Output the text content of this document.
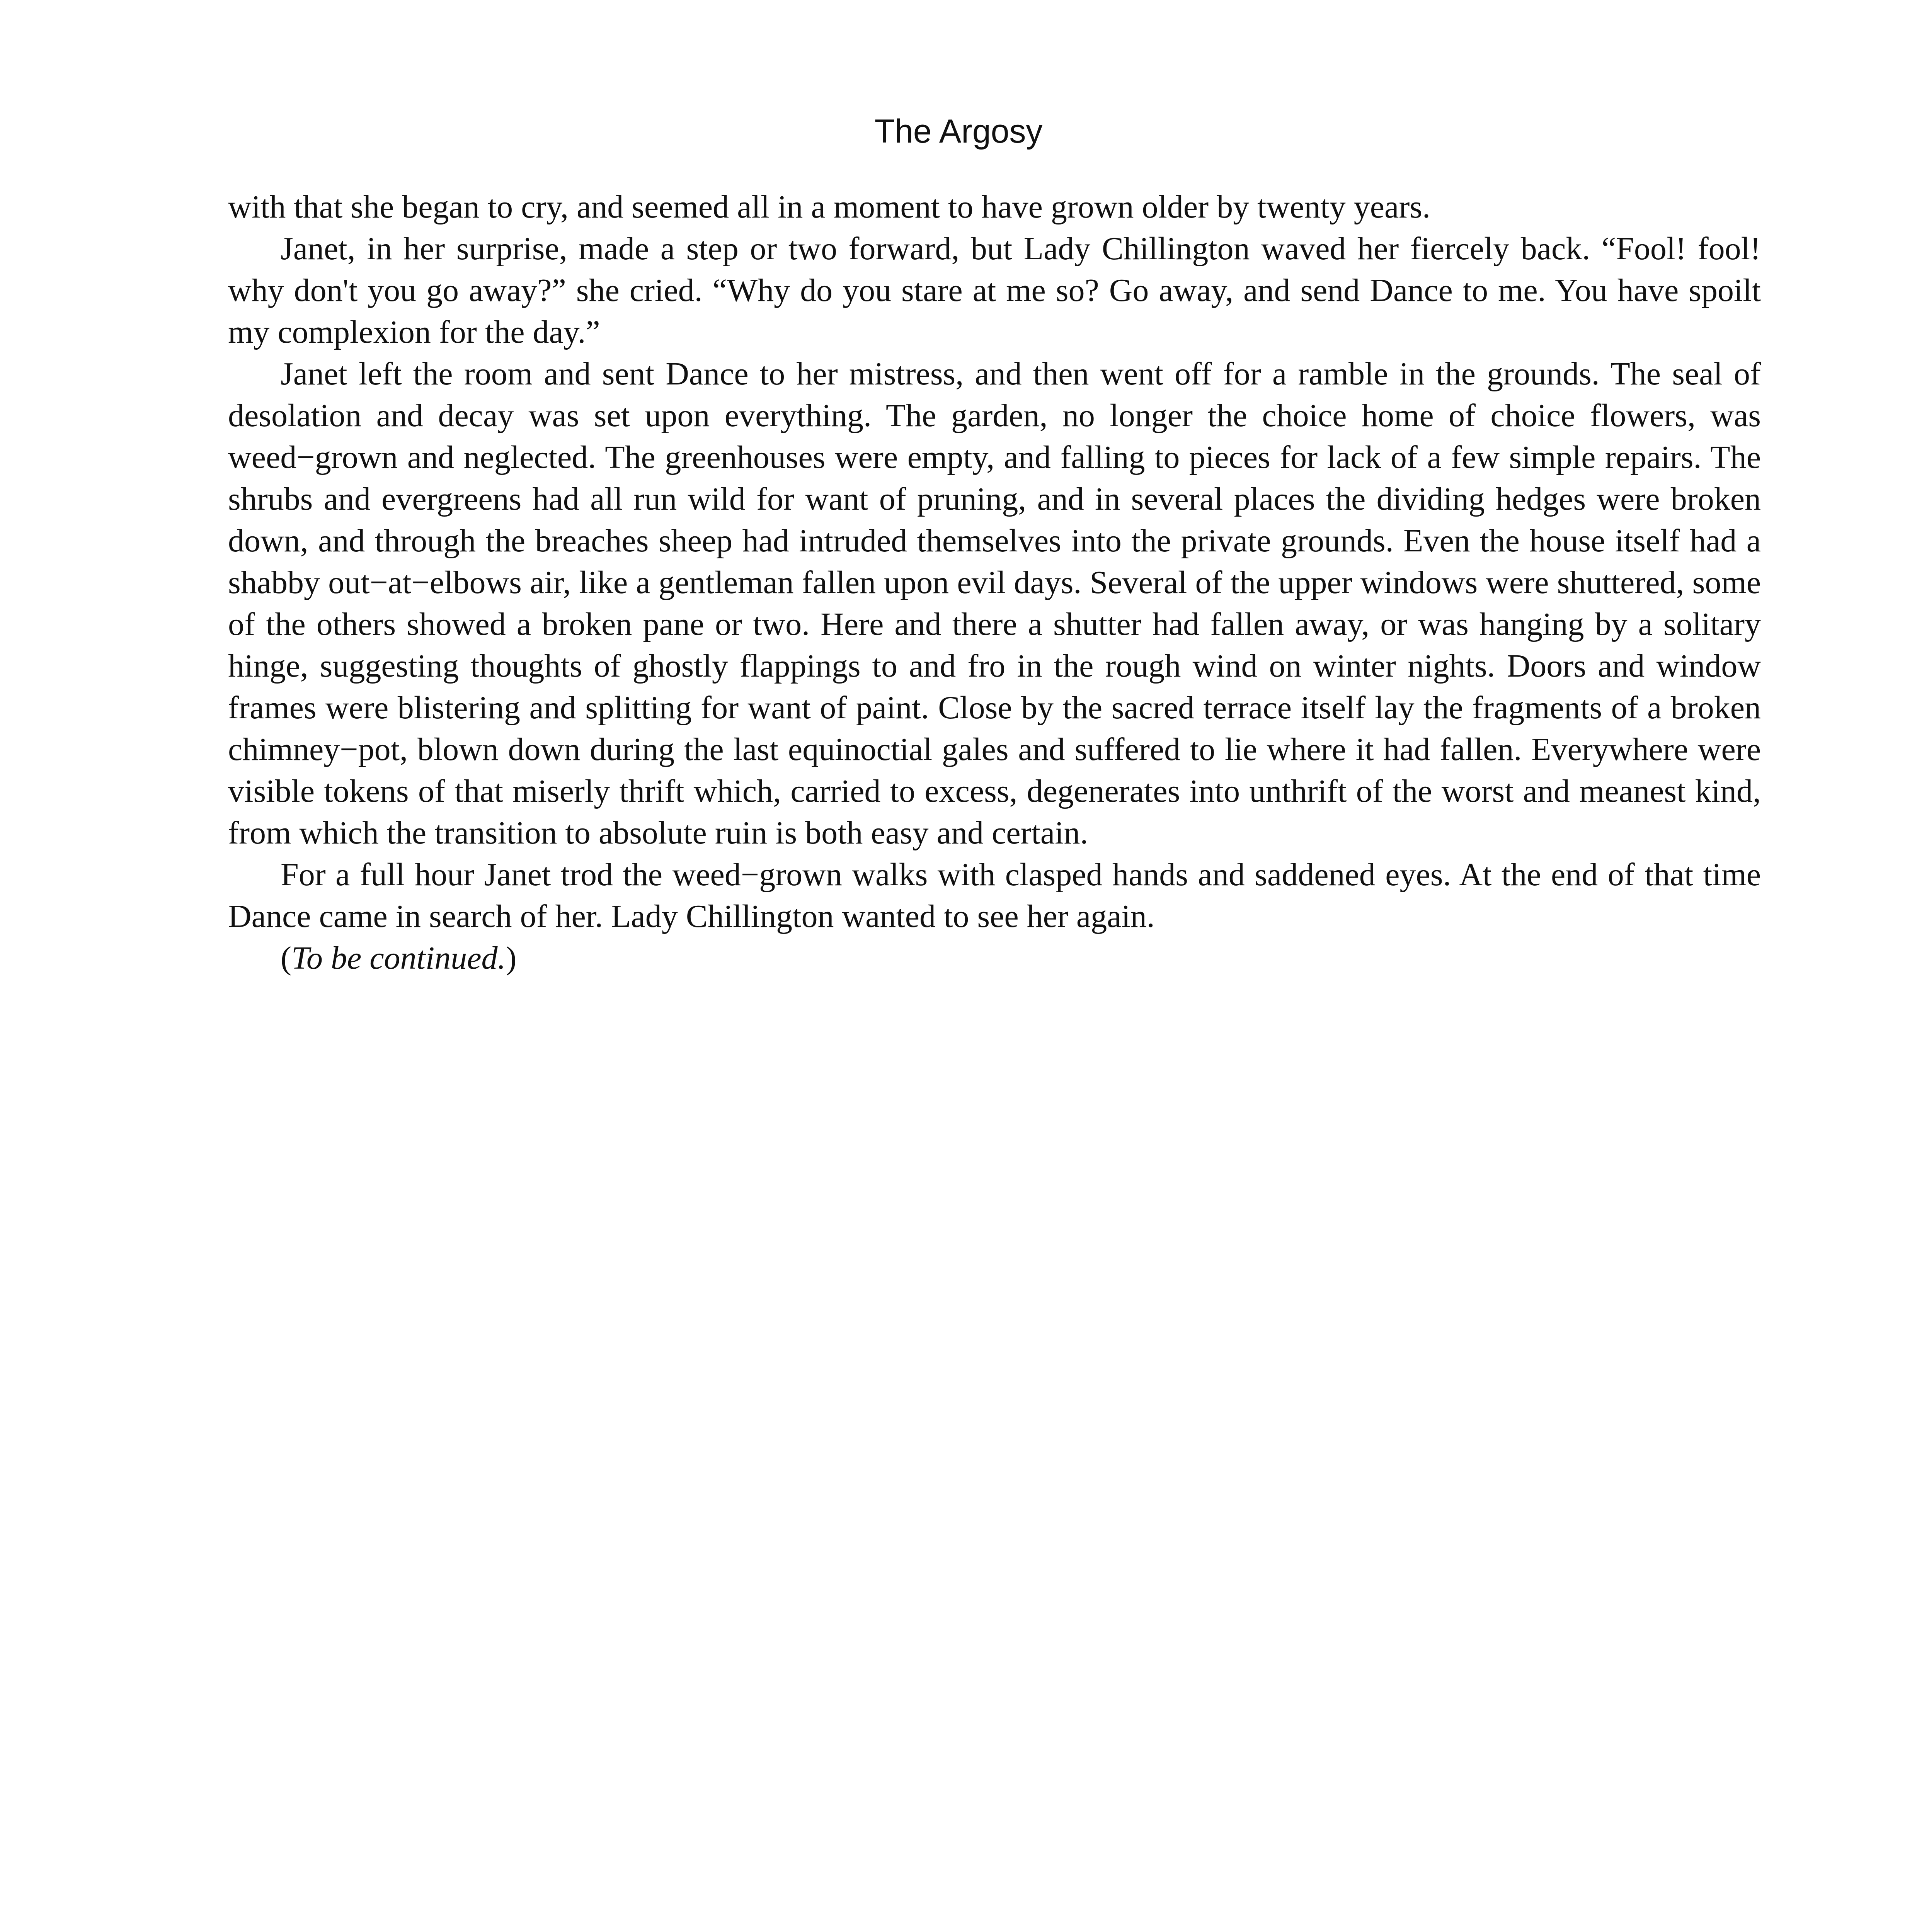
The Argosy

with that she began to cry, and seemed all in a moment to have grown older by twenty years.

Janet, in her surprise, made a step or two forward, but Lady Chillington waved her fiercely back. “Fool! fool! why don't you go away?” she cried. “Why do you stare at me so? Go away, and send Dance to me. You have spoilt my complexion for the day.”

Janet left the room and sent Dance to her mistress, and then went off for a ramble in the grounds. The seal of desolation and decay was set upon everything. The garden, no longer the choice home of choice flowers, was weed−grown and neglected. The greenhouses were empty, and falling to pieces for lack of a few simple repairs. The shrubs and evergreens had all run wild for want of pruning, and in several places the dividing hedges were broken down, and through the breaches sheep had intruded themselves into the private grounds. Even the house itself had a shabby out−at−elbows air, like a gentleman fallen upon evil days. Several of the upper windows were shuttered, some of the others showed a broken pane or two. Here and there a shutter had fallen away, or was hanging by a solitary hinge, suggesting thoughts of ghostly flappings to and fro in the rough wind on winter nights. Doors and window frames were blistering and splitting for want of paint. Close by the sacred terrace itself lay the fragments of a broken chimney−pot, blown down during the last equinoctial gales and suffered to lie where it had fallen. Everywhere were visible tokens of that miserly thrift which, carried to excess, degenerates into unthrift of the worst and meanest kind, from which the transition to absolute ruin is both easy and certain.

For a full hour Janet trod the weed−grown walks with clasped hands and saddened eyes. At the end of that time Dance came in search of her. Lady Chillington wanted to see her again.

(To be continued.)
